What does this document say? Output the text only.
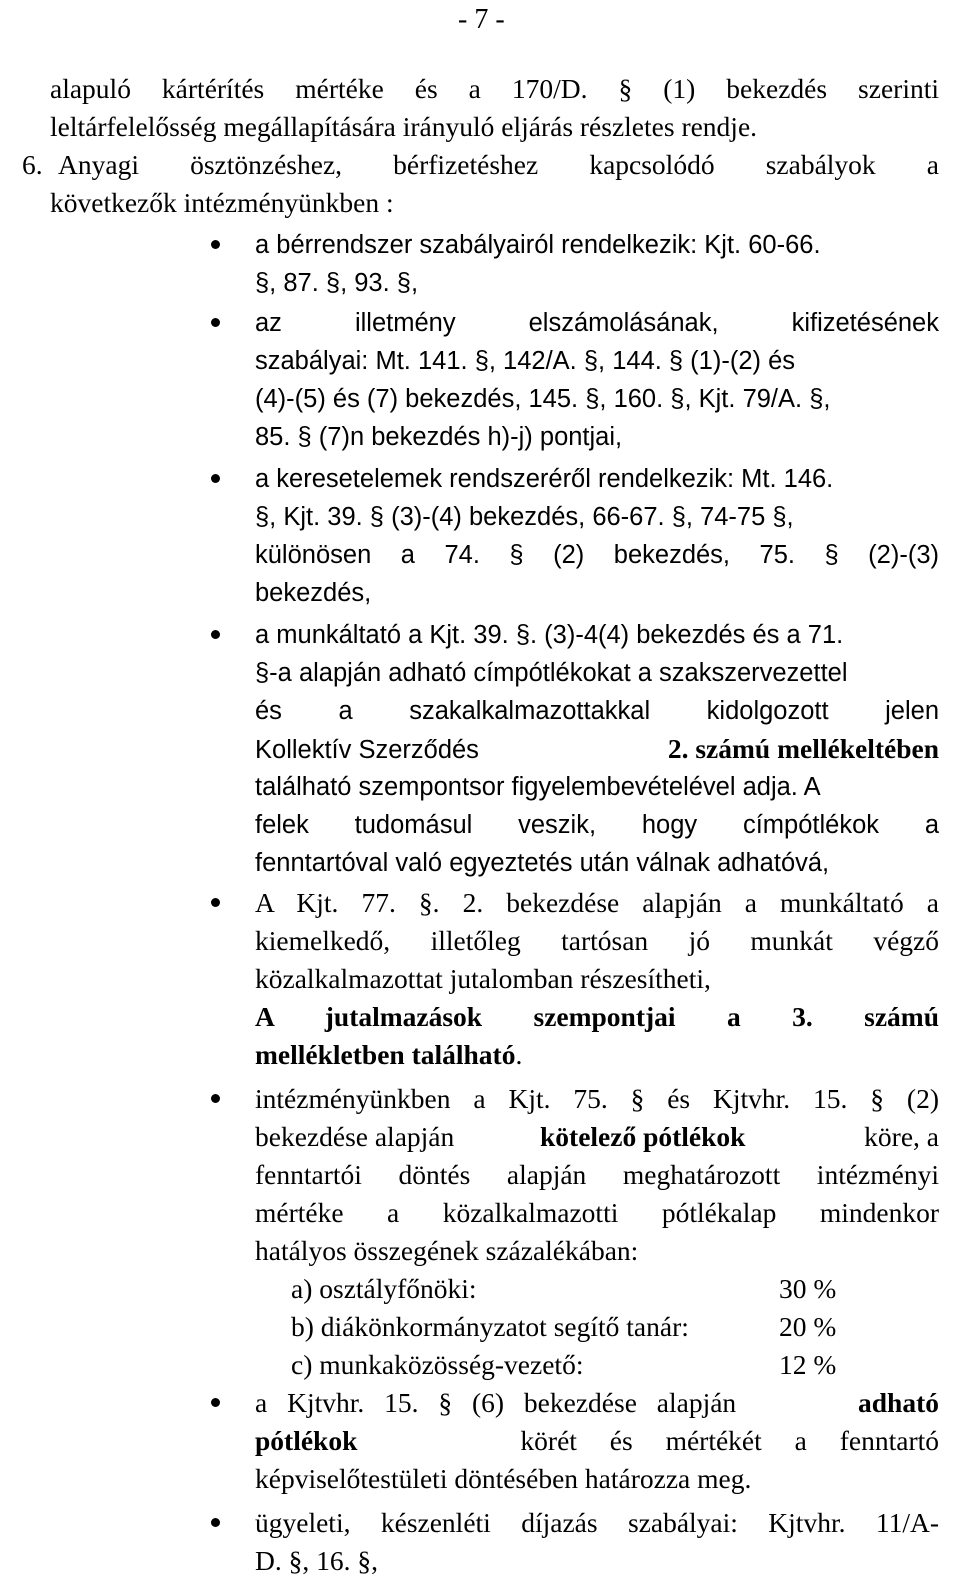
- 7 -
alapuló kártérítés mértéke és a 170/D. § (1) bekezdés szerinti
leltárfelelősség megállapítására irányuló eljárás részletes rendje.
6. Anyagi ösztönzéshez, bérfizetéshez kapcsolódó szabályok a
következők intézményünkben :
a bérrendszer szabályairól rendelkezik: Kjt. 60-66.
§, 87. §, 93. §,
az illetmény elszámolásának, kifizetésének
szabályai: Mt. 141. §, 142/A. §, 144. § (1)-(2) és
(4)-(5) és (7) bekezdés, 145. §, 160. §, Kjt. 79/A. §,
85. § (7)n bekezdés h)-j) pontjai,
a keresetelemek rendszeréről rendelkezik: Mt. 146.
§, Kjt. 39. § (3)-(4) bekezdés, 66-67. §, 74-75 §,
különösen a 74. § (2) bekezdés, 75. § (2)-(3)
bekezdés,
a munkáltató a Kjt. 39. §. (3)-4(4) bekezdés és a 71.
§-a alapján adható címpótlékokat a szakszervezettel
és a szakalkalmazottakkal kidolgozott jelen
Kollektív Szerződés	2. számú mellékeltében
található szempontsor figyelembevételével adja. A
felek tudomásul veszik, hogy címpótlékok a
fenntartóval való egyeztetés után válnak adhatóvá,
A Kjt. 77. §. 2. bekezdése alapján a munkáltató a
kiemelkedő, illetőleg tartósan jó munkát végző
közalkalmazottat jutalomban részesítheti,
A jutalmazások szempontjai a 3. számú
mellékletben található.
intézményünkben a Kjt. 75. § és Kjtvhr. 15. § (2)
bekezdése alapján	kötelező pótlékok	köre, a
fenntartói döntés alapján meghatározott intézményi
mértéke a közalkalmazotti pótlékalap mindenkor
hatályos összegének százalékában:
a) osztályfőnöki:	30 %
b) diákönkormányzatot segítő tanár:	20 %
c) munkaközösség-vezető:	12 %
a Kjtvhr. 15. § (6) bekezdése alapján	adható
pótlékok	körét és mértékét a fenntartó
képviselőtestületi döntésében határozza meg.
ügyeleti, készenléti díjazás szabályai: Kjtvhr. 11/A-
D. §, 16. §,
